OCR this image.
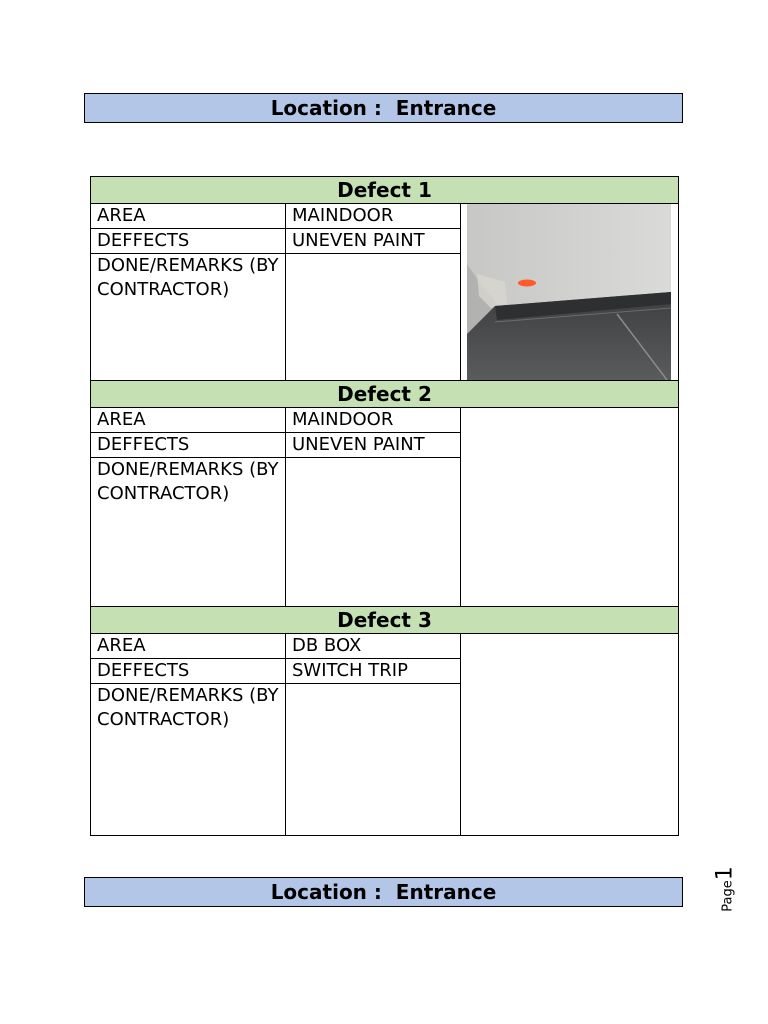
Location :  Entrance
Defect 1		
AREA	MAINDOOR	

DEFFECTS	UNEVEN PAINT	
DONE/REMARKS (BY CONTRACTOR)		
Defect 2		
AREA	MAINDOOR	
DEFFECTS	UNEVEN PAINT	
DONE/REMARKS (BY CONTRACTOR)		
Defect 3		
AREA	DB BOX	
DEFFECTS	SWITCH TRIP	
DONE/REMARKS (BY CONTRACTOR)		
Location :  Entrance	Page1
